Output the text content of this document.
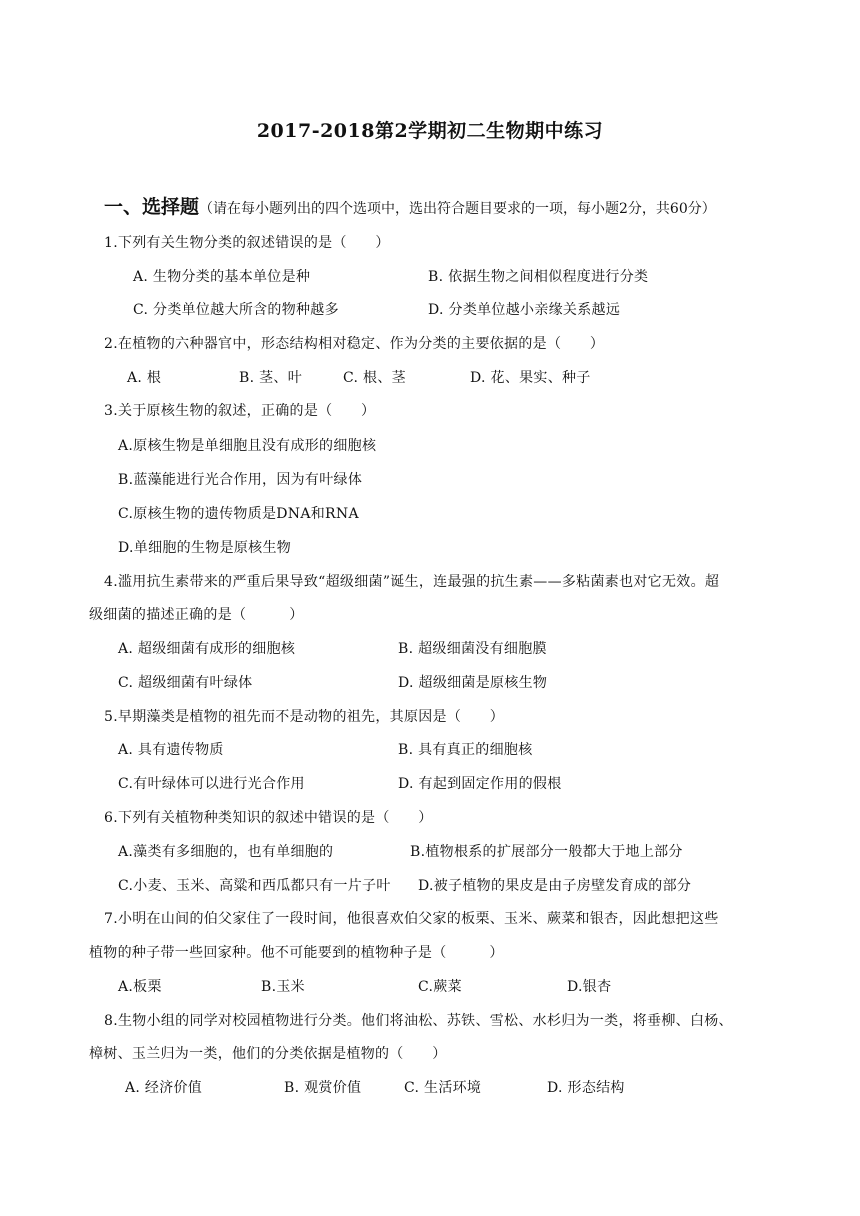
2017-2018第2学期初二生物期中练习
一、选择题（请在每小题列出的四个选项中，选出符合题目要求的一项，每小题2分，共60分）
1.下列有关生物分类的叙述错误的是（　　）
A. 生物分类的基本单位是种	B. 依据生物之间相似程度进行分类
C. 分类单位越大所含的物种越多	D. 分类单位越小亲缘关系越远
2.在植物的六种器官中，形态结构相对稳定、作为分类的主要依据的是（　　）
A. 根	B. 茎、叶	C. 根、茎	D. 花、果实、种子
3.关于原核生物的叙述，正确的是（　　）
A.原核生物是单细胞且没有成形的细胞核
B.蓝藻能进行光合作用，因为有叶绿体
C.原核生物的遗传物质是DNA和RNA
D.单细胞的生物是原核生物
4.滥用抗生素带来的严重后果导致“超级细菌”诞生，连最强的抗生素——多粘菌素也对它无效。超
级细菌的描述正确的是（　　　）
A. 超级细菌有成形的细胞核	B. 超级细菌没有细胞膜
C. 超级细菌有叶绿体	D. 超级细菌是原核生物
5.早期藻类是植物的祖先而不是动物的祖先，其原因是（　　）
A. 具有遗传物质	B. 具有真正的细胞核
C.有叶绿体可以进行光合作用	D. 有起到固定作用的假根
6.下列有关植物种类知识的叙述中错误的是（　　）
A.藻类有多细胞的，也有单细胞的	B.植物根系的扩展部分一般都大于地上部分
C.小麦、玉米、高粱和西瓜都只有一片子叶 D.被子植物的果皮是由子房壁发育成的部分
7.小明在山间的伯父家住了一段时间，他很喜欢伯父家的板栗、玉米、蕨菜和银杏，因此想把这些
植物的种子带一些回家种。他不可能要到的植物种子是（　　　）
A.板栗	B.玉米	C.蕨菜	D.银杏
8.生物小组的同学对校园植物进行分类。他们将油松、苏铁、雪松、水杉归为一类，将垂柳、白杨、
樟树、玉兰归为一类，他们的分类依据是植物的（　　）
A. 经济价值	B. 观赏价值	C. 生活环境	D. 形态结构
